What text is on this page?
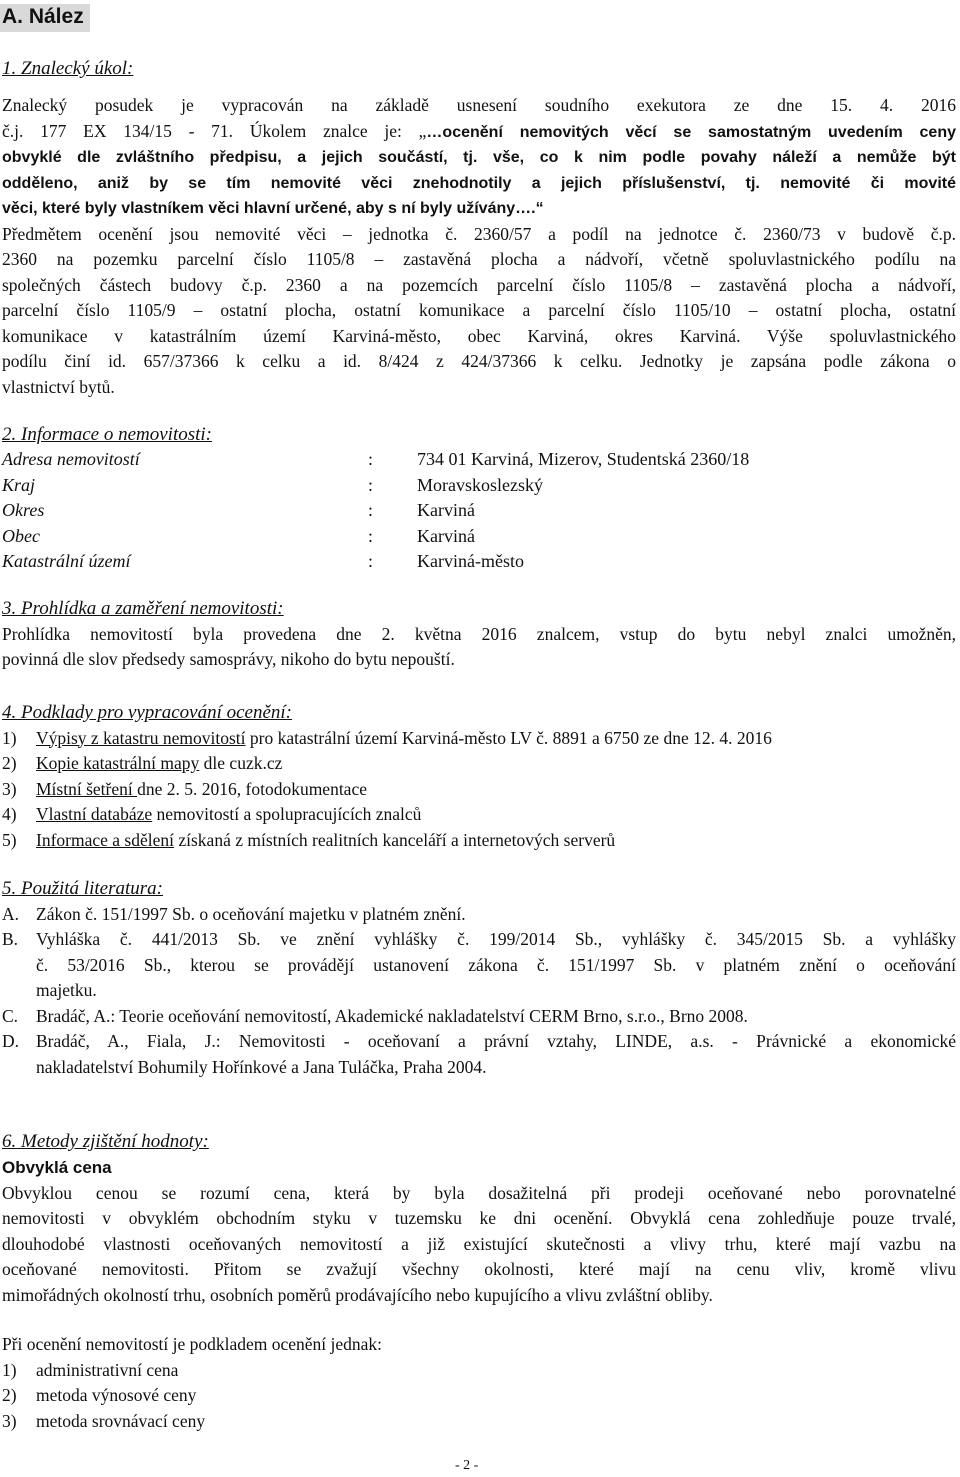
A. Nález
1. Znalecký úkol:
Znalecký posudek je vypracován na základě usnesení soudního exekutora ze dne 15. 4. 2016
č.j. 177 EX 134/15 - 71. Úkolem znalce je: „…ocenění nemovitých věcí se samostatným uvedením ceny
obvyklé dle zvláštního předpisu, a jejich součástí, tj. vše, co k nim podle povahy náleží a nemůže být
odděleno, aniž by se tím nemovité věci znehodnotily a jejich příslušenství, tj. nemovité či movité
věci, které byly vlastníkem věci hlavní určené, aby s ní byly užívány….“
Předmětem ocenění jsou nemovité věci – jednotka č. 2360/57 a podíl na jednotce č. 2360/73 v budově č.p.
2360 na pozemku parcelní číslo 1105/8 – zastavěná plocha a nádvoří, včetně spoluvlastnického podílu na
společných částech budovy č.p. 2360 a na pozemcích parcelní číslo 1105/8 – zastavěná plocha a nádvoří,
parcelní číslo 1105/9 – ostatní plocha, ostatní komunikace a parcelní číslo 1105/10 – ostatní plocha, ostatní
komunikace v katastrálním území Karviná-město, obec Karviná, okres Karviná. Výše spoluvlastnického
podílu činí id. 657/37366 k celku a id. 8/424 z 424/37366 k celku. Jednotky je zapsána podle zákona o
vlastnictví bytů.
2. Informace o nemovitosti:
Adresa nemovitostí	: 734 01 Karviná, Mizerov, Studentská 2360/18
Kraj	: Moravskoslezský
Okres	: Karviná
Obec	: Karviná
Katastrální území	: Karviná-město
3. Prohlídka a zaměření nemovitosti:
Prohlídka nemovitostí byla provedena dne 2. května 2016 znalcem, vstup do bytu nebyl znalci umožněn,
povinná dle slov předsedy samosprávy, nikoho do bytu nepouští.
4. Podklady pro vypracování ocenění:
1) Výpisy z katastru nemovitostí pro katastrální území Karviná-město LV č. 8891 a 6750 ze dne 12. 4. 2016
2) Kopie katastrální mapy dle cuzk.cz
3) Místní šetření dne 2. 5. 2016, fotodokumentace
4) Vlastní databáze nemovitostí a spolupracujících znalců
5) Informace a sdělení získaná z místních realitních kanceláří a internetových serverů
5. Použitá literatura:
A. Zákon č. 151/1997 Sb. o oceňování majetku v platném znění.
B. Vyhláška č. 441/2013 Sb. ve znění vyhlášky č. 199/2014 Sb., vyhlášky č. 345/2015 Sb. a vyhlášky
č. 53/2016 Sb., kterou se provádějí ustanovení zákona č. 151/1997 Sb. v platném znění o oceňování
majetku.
C. Bradáč, A.: Teorie oceňování nemovitostí, Akademické nakladatelství CERM Brno, s.r.o., Brno 2008.
D. Bradáč, A., Fiala, J.: Nemovitosti - oceňovaní a právní vztahy, LINDE, a.s. - Právnické a ekonomické
nakladatelství Bohumily Hořínkové a Jana Tuláčka, Praha 2004.
6. Metody zjištění hodnoty:
Obvyklá cena
Obvyklou cenou se rozumí cena, která by byla dosažitelná při prodeji oceňované nebo porovnatelné
nemovitosti v obvyklém obchodním styku v tuzemsku ke dni ocenění. Obvyklá cena zohledňuje pouze trvalé,
dlouhodobé vlastnosti oceňovaných nemovitostí a již existující skutečnosti a vlivy trhu, které mají vazbu na
oceňované nemovitosti. Přitom se zvažují všechny okolnosti, které mají na cenu vliv, kromě vlivu
mimořádných okolností trhu, osobních poměrů prodávajícího nebo kupujícího a vlivu zvláštní obliby.
Při ocenění nemovitostí je podkladem ocenění jednak:
1) administrativní cena
2) metoda výnosové ceny
3) metoda srovnávací ceny
- 2 -
